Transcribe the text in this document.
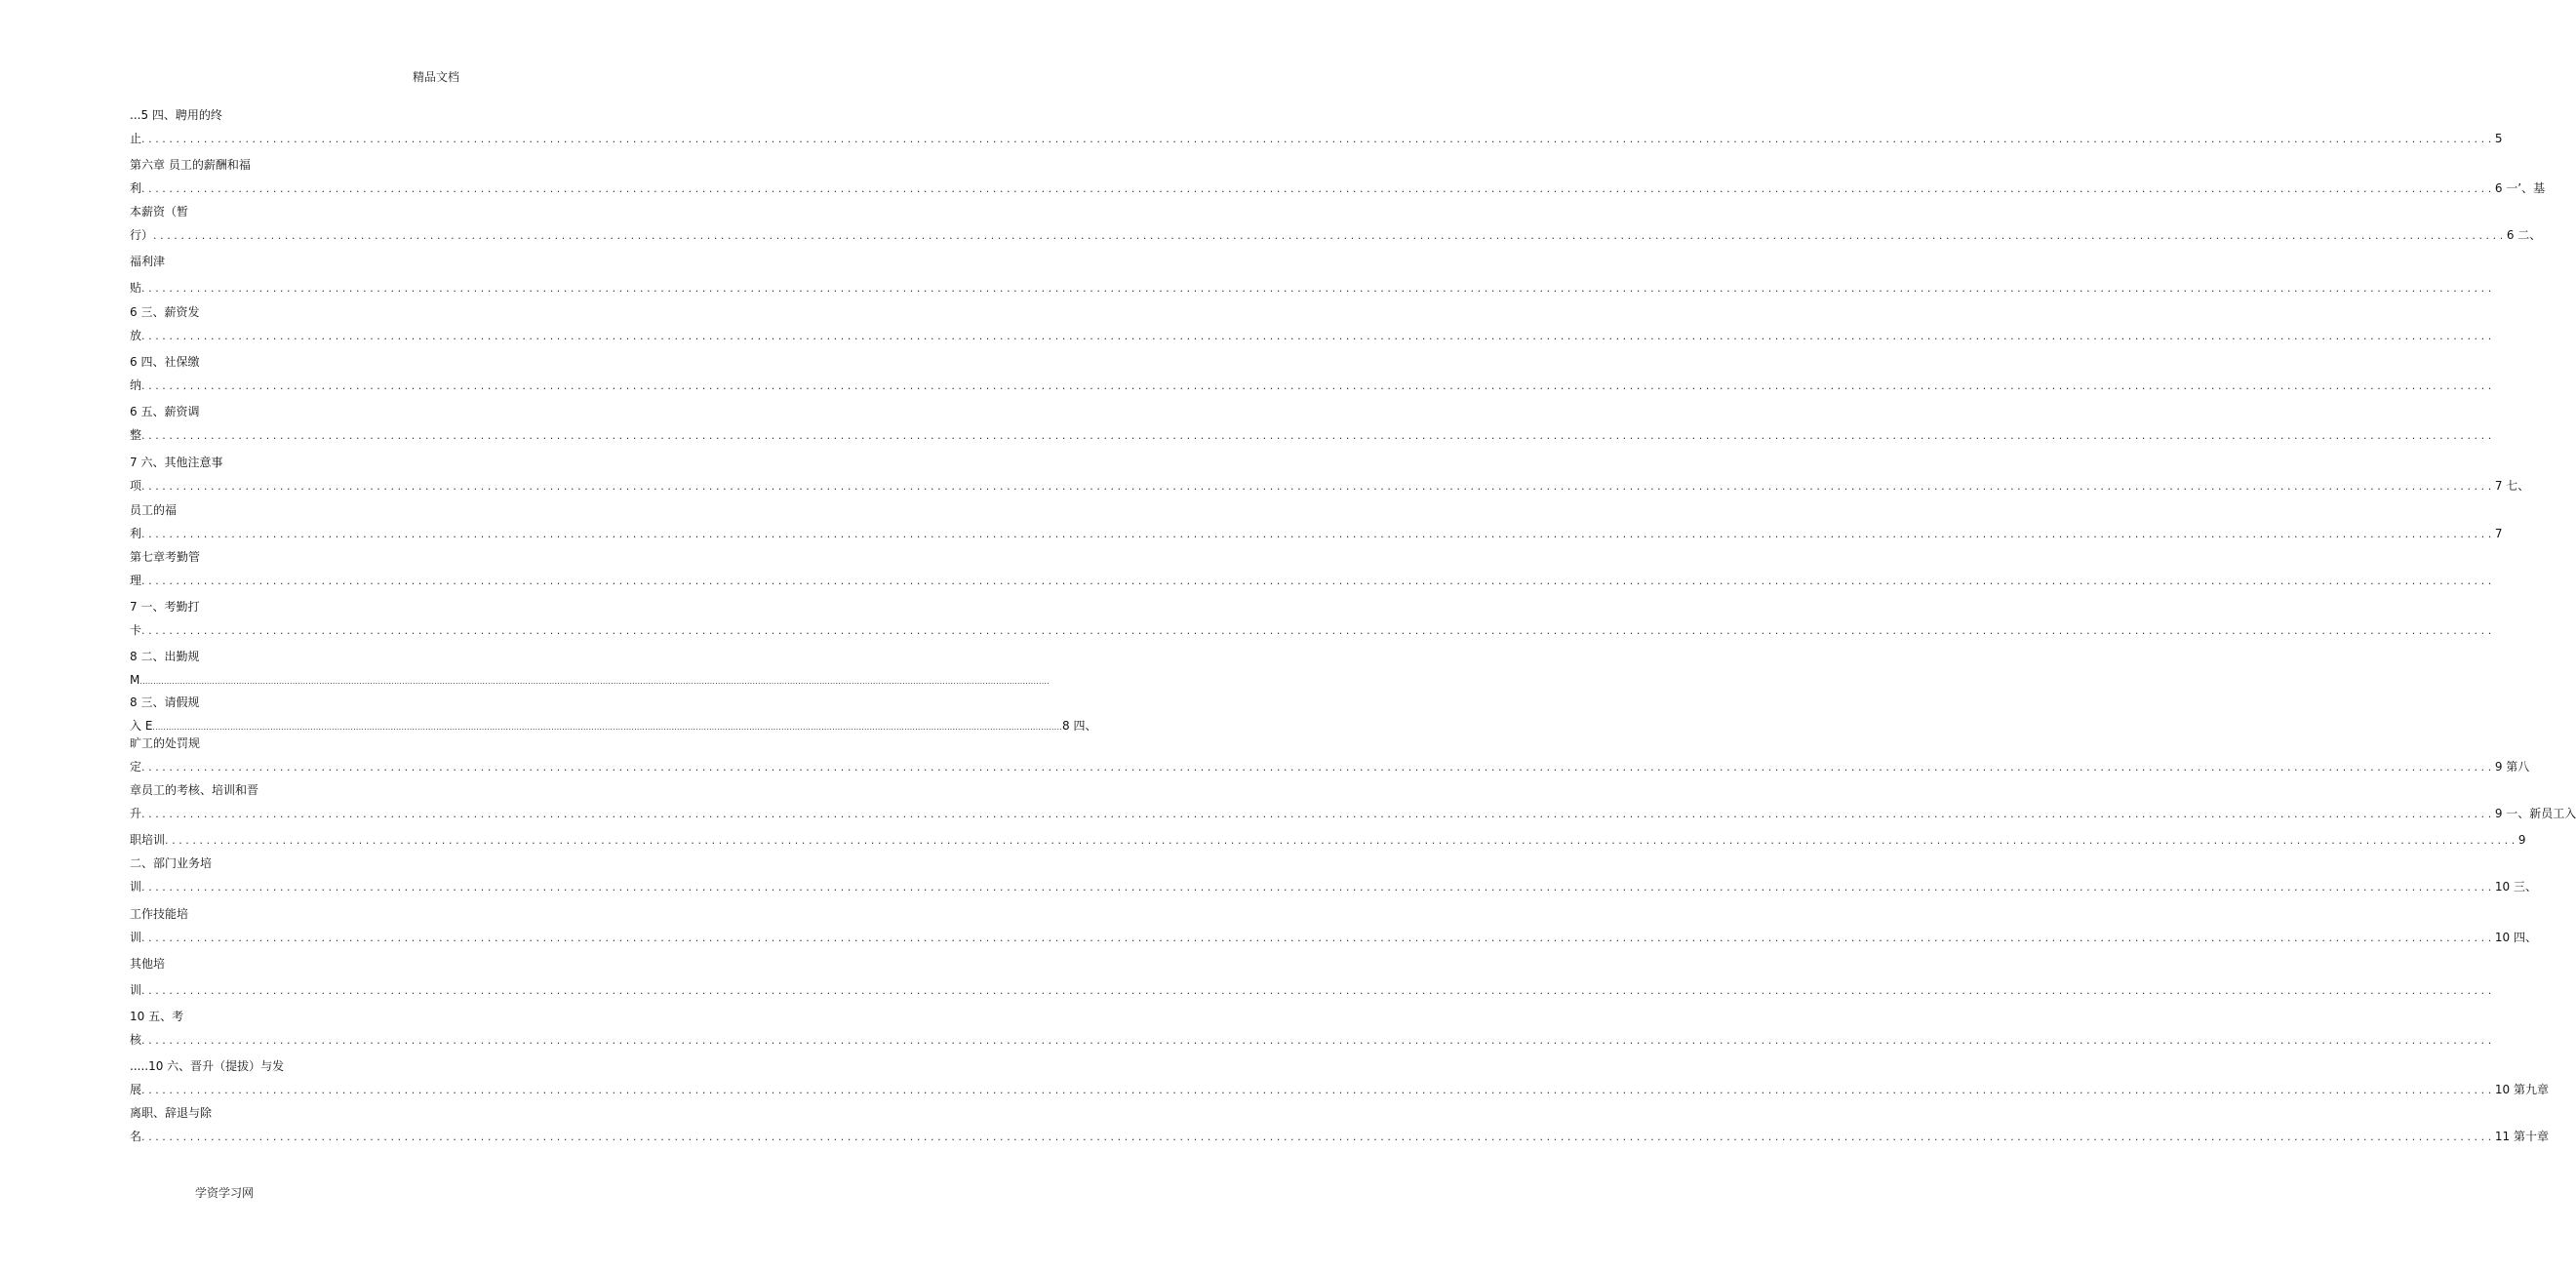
精品文档
...5 四、聘用的终
止 .................................................................................................................................................................................................................................................................................................................................................... 5
第六章 员工的薪酬和福
利 .................................................................................................................................................................................................................................................................................................................................................... 6 一’、基
本薪资（暂
行） .................................................................................................................................................................................................................................................................................................................................................... 6 二、
福利津
贴 ....................................................................................................................................................................................................................................................................................................................................................
6 三、薪资发
放 ....................................................................................................................................................................................................................................................................................................................................................
6 四、社保缴
纳 ....................................................................................................................................................................................................................................................................................................................................................
6 五、薪资调
整 ....................................................................................................................................................................................................................................................................................................................................................
7 六、其他注意事
项 .................................................................................................................................................................................................................................................................................................................................................... 7 七、
员工的福
利 .................................................................................................................................................................................................................................................................................................................................................... 7
第七章考勤管
理 ....................................................................................................................................................................................................................................................................................................................................................
7 一、考勤打
卡 ....................................................................................................................................................................................................................................................................................................................................................
8 二、出勤规
M ....................................................................................................................................................................................................................................................................................................................................................
8 三、请假规
入 E .................................................................................................................................................................................................................................................................................................................................................... 8 四、
旷工的处罚规
定 .................................................................................................................................................................................................................................................................................................................................................... 9 第八
章员工的考核、培训和晋
升 .................................................................................................................................................................................................................................................................................................................................................... 9 一、新员工入
职培训 .................................................................................................................................................................................................................................................................................................................................................... 9
二、部门业务培
训 .................................................................................................................................................................................................................................................................................................................................................... 10 三、
工作技能培
训 .................................................................................................................................................................................................................................................................................................................................................... 10 四、
其他培
训 ....................................................................................................................................................................................................................................................................................................................................................
10 五、考
核 ....................................................................................................................................................................................................................................................................................................................................................
.....10 六、晋升（提拔）与发
展 .................................................................................................................................................................................................................................................................................................................................................... 10 第九章
离职、辞退与除
名 .................................................................................................................................................................................................................................................................................................................................................... 11 第十章
学资学习网
